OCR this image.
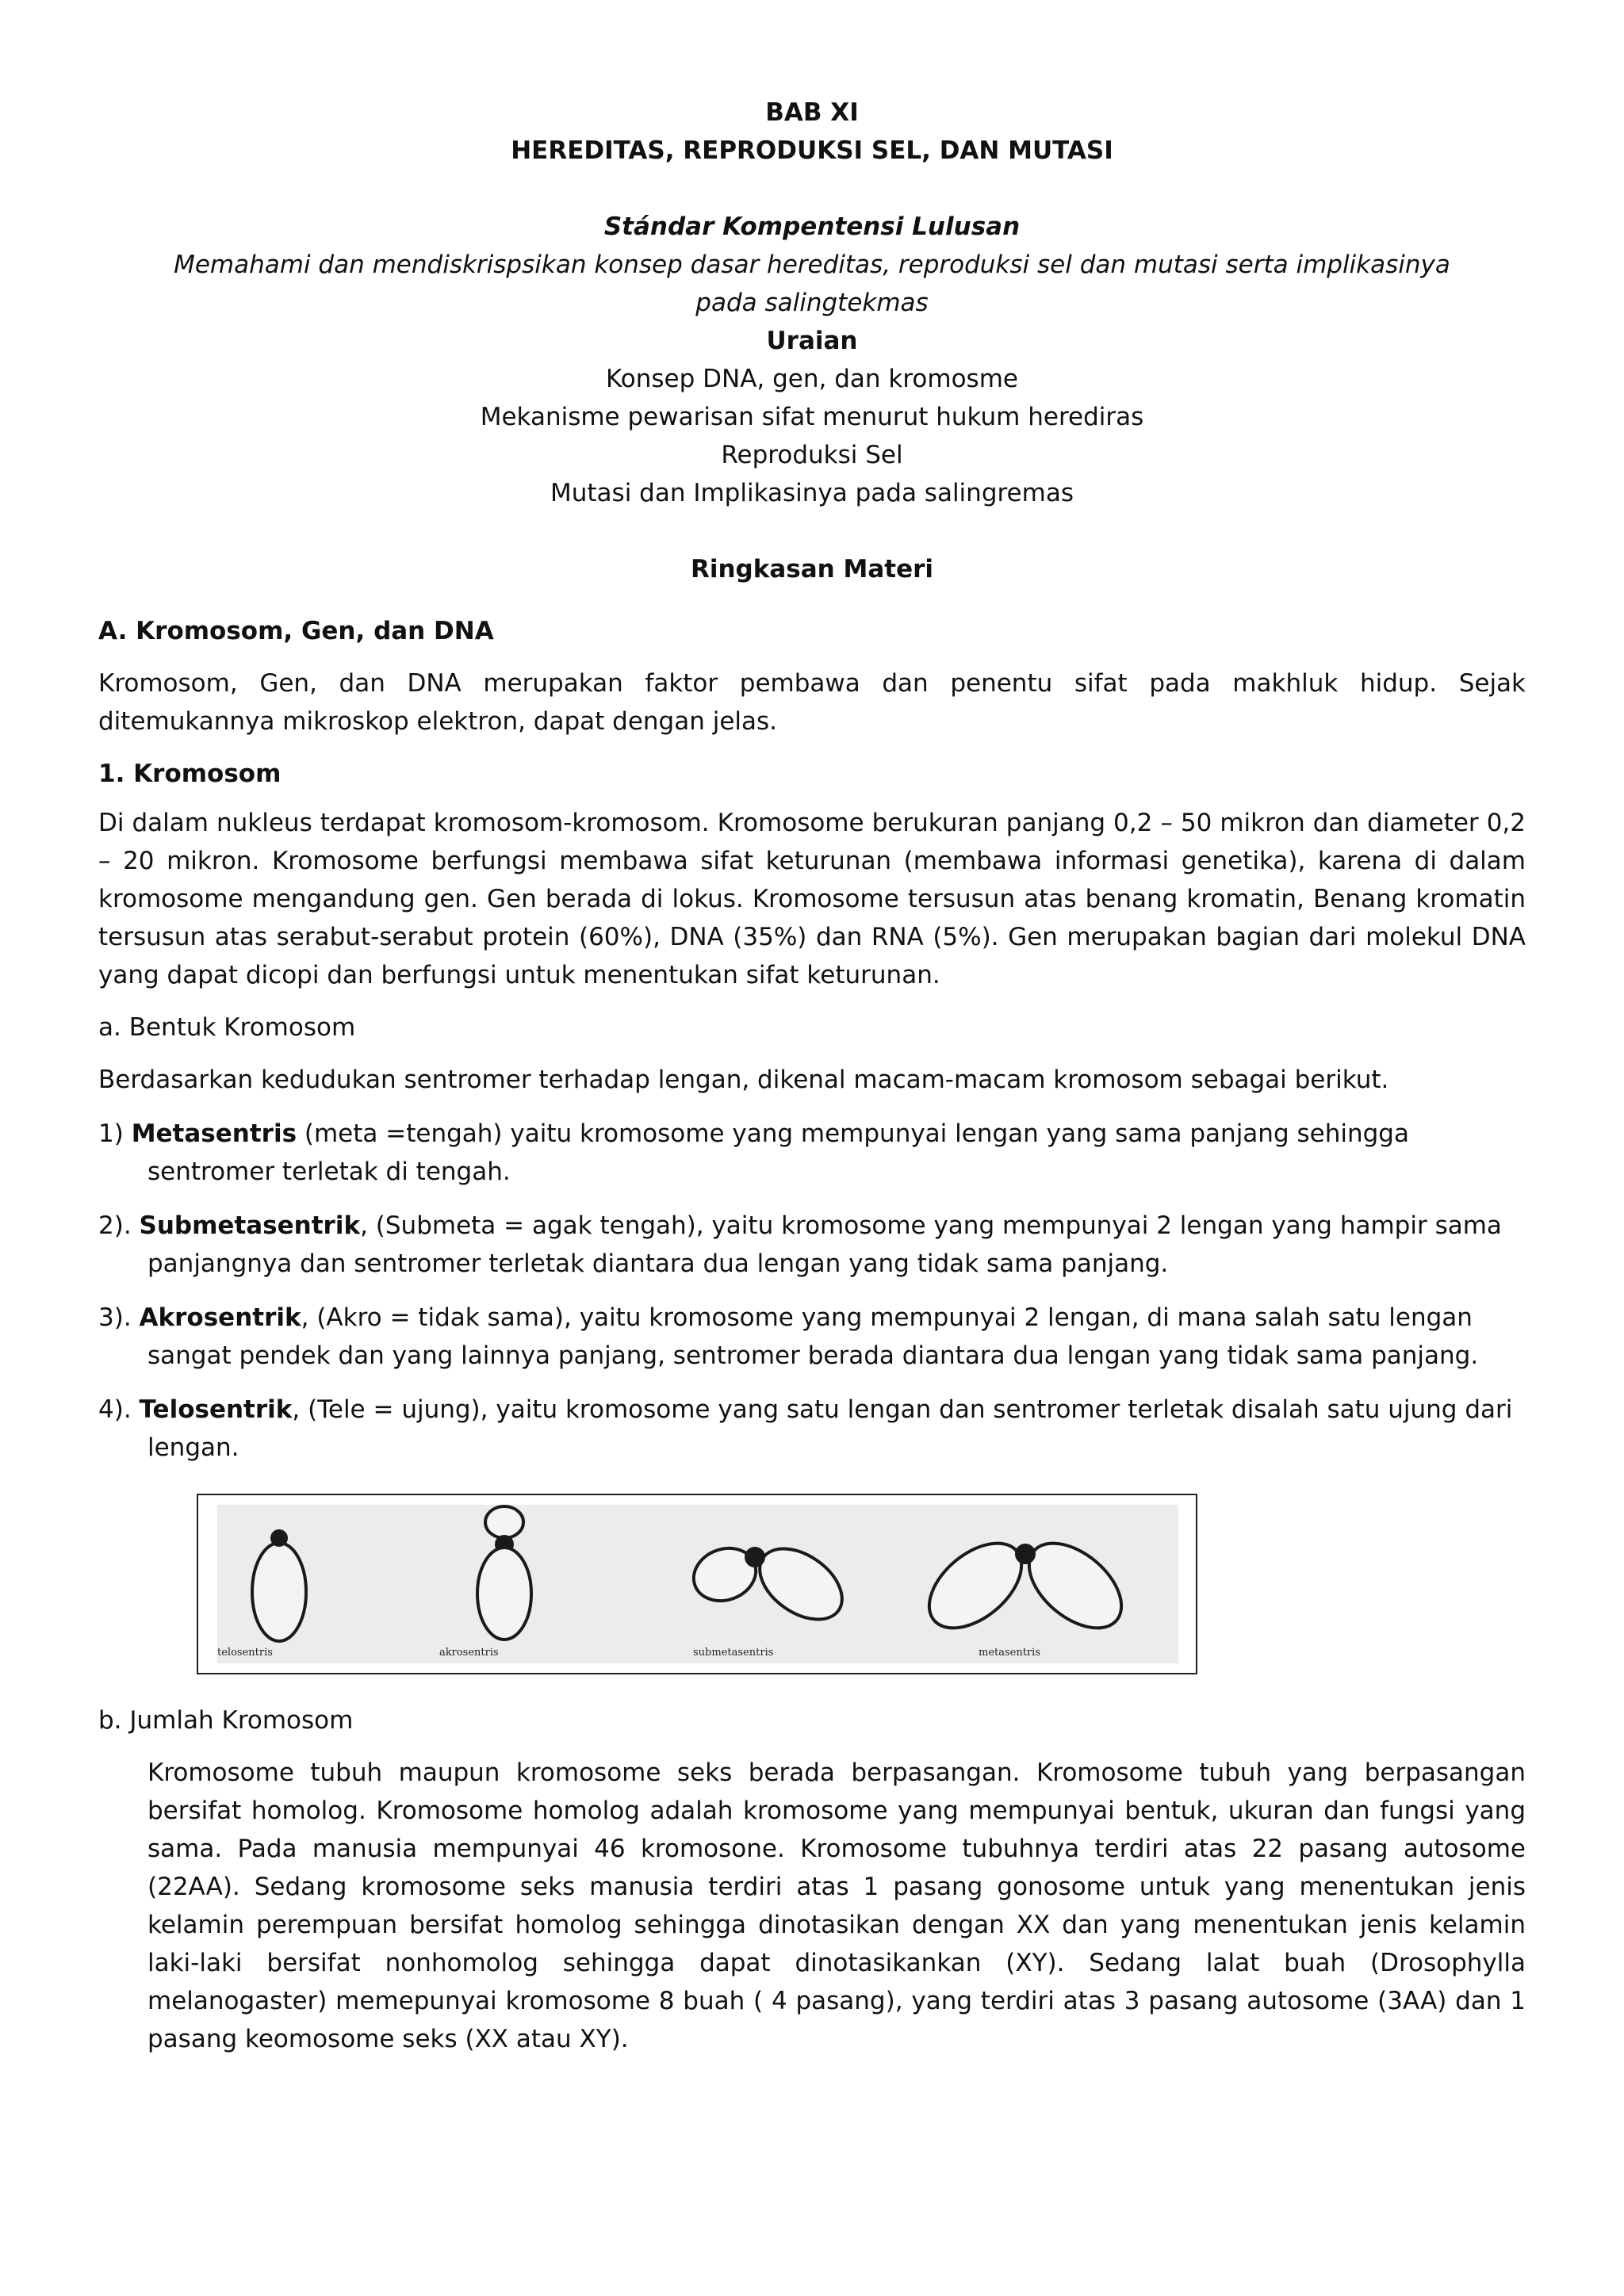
BAB XI

HEREDITAS, REPRODUKSI SEL, DAN MUTASI

Stándar Kompentensi Lulusan

Memahami dan mendiskrispsikan konsep dasar hereditas, reproduksi sel dan mutasi serta implikasinya

pada salingtekmas

Uraian

Konsep DNA, gen, dan kromosme

Mekanisme pewarisan sifat menurut hukum herediras

Reproduksi Sel

Mutasi dan Implikasinya pada salingremas

Ringkasan Materi

A. Kromosom, Gen, dan DNA

Kromosom, Gen, dan DNA merupakan faktor pembawa dan penentu sifat pada makhluk hidup. Sejak ditemukannya mikroskop elektron, dapat dengan jelas.

1. Kromosom

Di dalam nukleus terdapat kromosom-kromosom. Kromosome berukuran panjang 0,2 – 50 mikron dan diameter 0,2 – 20 mikron. Kromosome berfungsi membawa sifat keturunan (membawa informasi genetika), karena di dalam kromosome mengandung gen. Gen berada di lokus. Kromosome tersusun atas benang kromatin, Benang kromatin tersusun atas serabut-serabut protein (60%), DNA (35%) dan RNA (5%). Gen merupakan bagian dari molekul DNA yang dapat dicopi dan berfungsi untuk menentukan sifat keturunan.

a. Bentuk Kromosom

Berdasarkan kedudukan sentromer terhadap lengan, dikenal macam-macam kromosom sebagai berikut.

1) Metasentris (meta =tengah) yaitu kromosome yang mempunyai lengan yang sama panjang sehingga sentromer terletak di tengah.

2). Submetasentrik, (Submeta = agak tengah), yaitu kromosome yang mempunyai 2 lengan yang hampir sama panjangnya dan sentromer terletak diantara dua lengan yang tidak sama panjang.

3). Akrosentrik, (Akro = tidak sama), yaitu kromosome yang mempunyai 2 lengan, di mana salah satu lengan sangat pendek dan yang lainnya panjang, sentromer berada diantara dua lengan yang tidak sama panjang.

4). Telosentrik, (Tele = ujung), yaitu kromosome yang satu lengan dan sentromer terletak disalah satu ujung dari lengan.

telosentris	akrosentris	submetasentris	metasentris

b. Jumlah Kromosom

Kromosome tubuh maupun kromosome seks berada berpasangan. Kromosome tubuh yang berpasangan bersifat homolog. Kromosome homolog adalah kromosome yang mempunyai bentuk, ukuran dan fungsi yang sama. Pada manusia mempunyai 46 kromosone. Kromosome tubuhnya terdiri atas 22 pasang autosome (22AA). Sedang kromosome seks manusia terdiri atas 1 pasang gonosome untuk yang menentukan jenis kelamin perempuan bersifat homolog sehingga dinotasikan dengan XX dan yang menentukan jenis kelamin laki-laki bersifat nonhomolog sehingga dapat dinotasikankan (XY). Sedang lalat buah (Drosophylla melanogaster) memepunyai kromosome 8 buah ( 4 pasang), yang terdiri atas 3 pasang autosome (3AA) dan 1 pasang keomosome seks (XX atau XY).
